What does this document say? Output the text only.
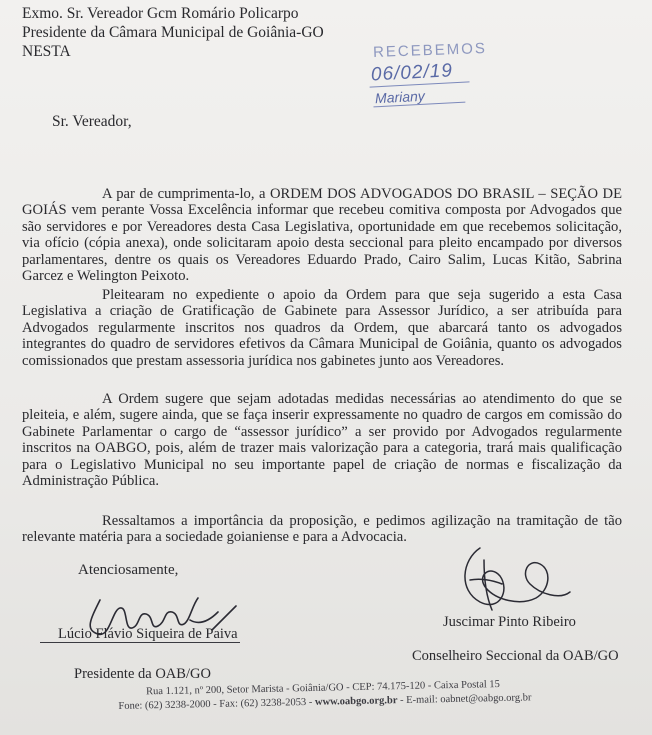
Exmo. Sr. Vereador Gcm Romário Policarpo
Presidente da Câmara Municipal de Goiânia-GO
NESTA	RECEBEMOS
06/02/19
Mariany
Sr. Vereador,

A par de cumprimenta-lo, a ORDEM DOS ADVOGADOS DO BRASIL – SEÇÃO DE GOIÁS vem perante Vossa Excelência informar que recebeu comitiva composta por Advogados que são servidores e por Vereadores desta Casa Legislativa, oportunidade em que recebemos solicitação, via ofício (cópia anexa), onde solicitaram apoio desta seccional para pleito encampado por diversos parlamentares, dentre os quais os Vereadores Eduardo Prado, Cairo Salim, Lucas Kitão, Sabrina Garcez e Welington Peixoto.

Pleitearam no expediente o apoio da Ordem para que seja sugerido a esta Casa Legislativa a criação de Gratificação de Gabinete para Assessor Jurídico, a ser atribuída para Advogados regularmente inscritos nos quadros da Ordem, que abarcará tanto os advogados integrantes do quadro de servidores efetivos da Câmara Municipal de Goiânia, quanto os advogados comissionados que prestam assessoria jurídica nos gabinetes junto aos Vereadores.

A Ordem sugere que sejam adotadas medidas necessárias ao atendimento do que se pleiteia, e além, sugere ainda, que se faça inserir expressamente no quadro de cargos em comissão do Gabinete Parlamentar o cargo de “assessor jurídico” a ser provido por Advogados regularmente inscritos na OABGO, pois, além de trazer mais valorização para a categoria, trará mais qualificação para o Legislativo Municipal no seu importante papel de criação de normas e fiscalização da Administração Pública.

Ressaltamos a importância da proposição, e pedimos agilização na tramitação de tão relevante matéria para a sociedade goianiense e para a Advocacia.

Atenciosamente,
Lúcio Flávio Siqueira de Paiva
Presidente da OAB/GO
Juscimar Pinto Ribeiro
Conselheiro Seccional da OAB/GO
Rua 1.121, nº 200, Setor Marista - Goiânia/GO - CEP: 74.175-120 - Caixa Postal 15
Fone: (62) 3238-2000 - Fax: (62) 3238-2053 - www.oabgo.org.br - E-mail: oabnet@oabgo.org.br
